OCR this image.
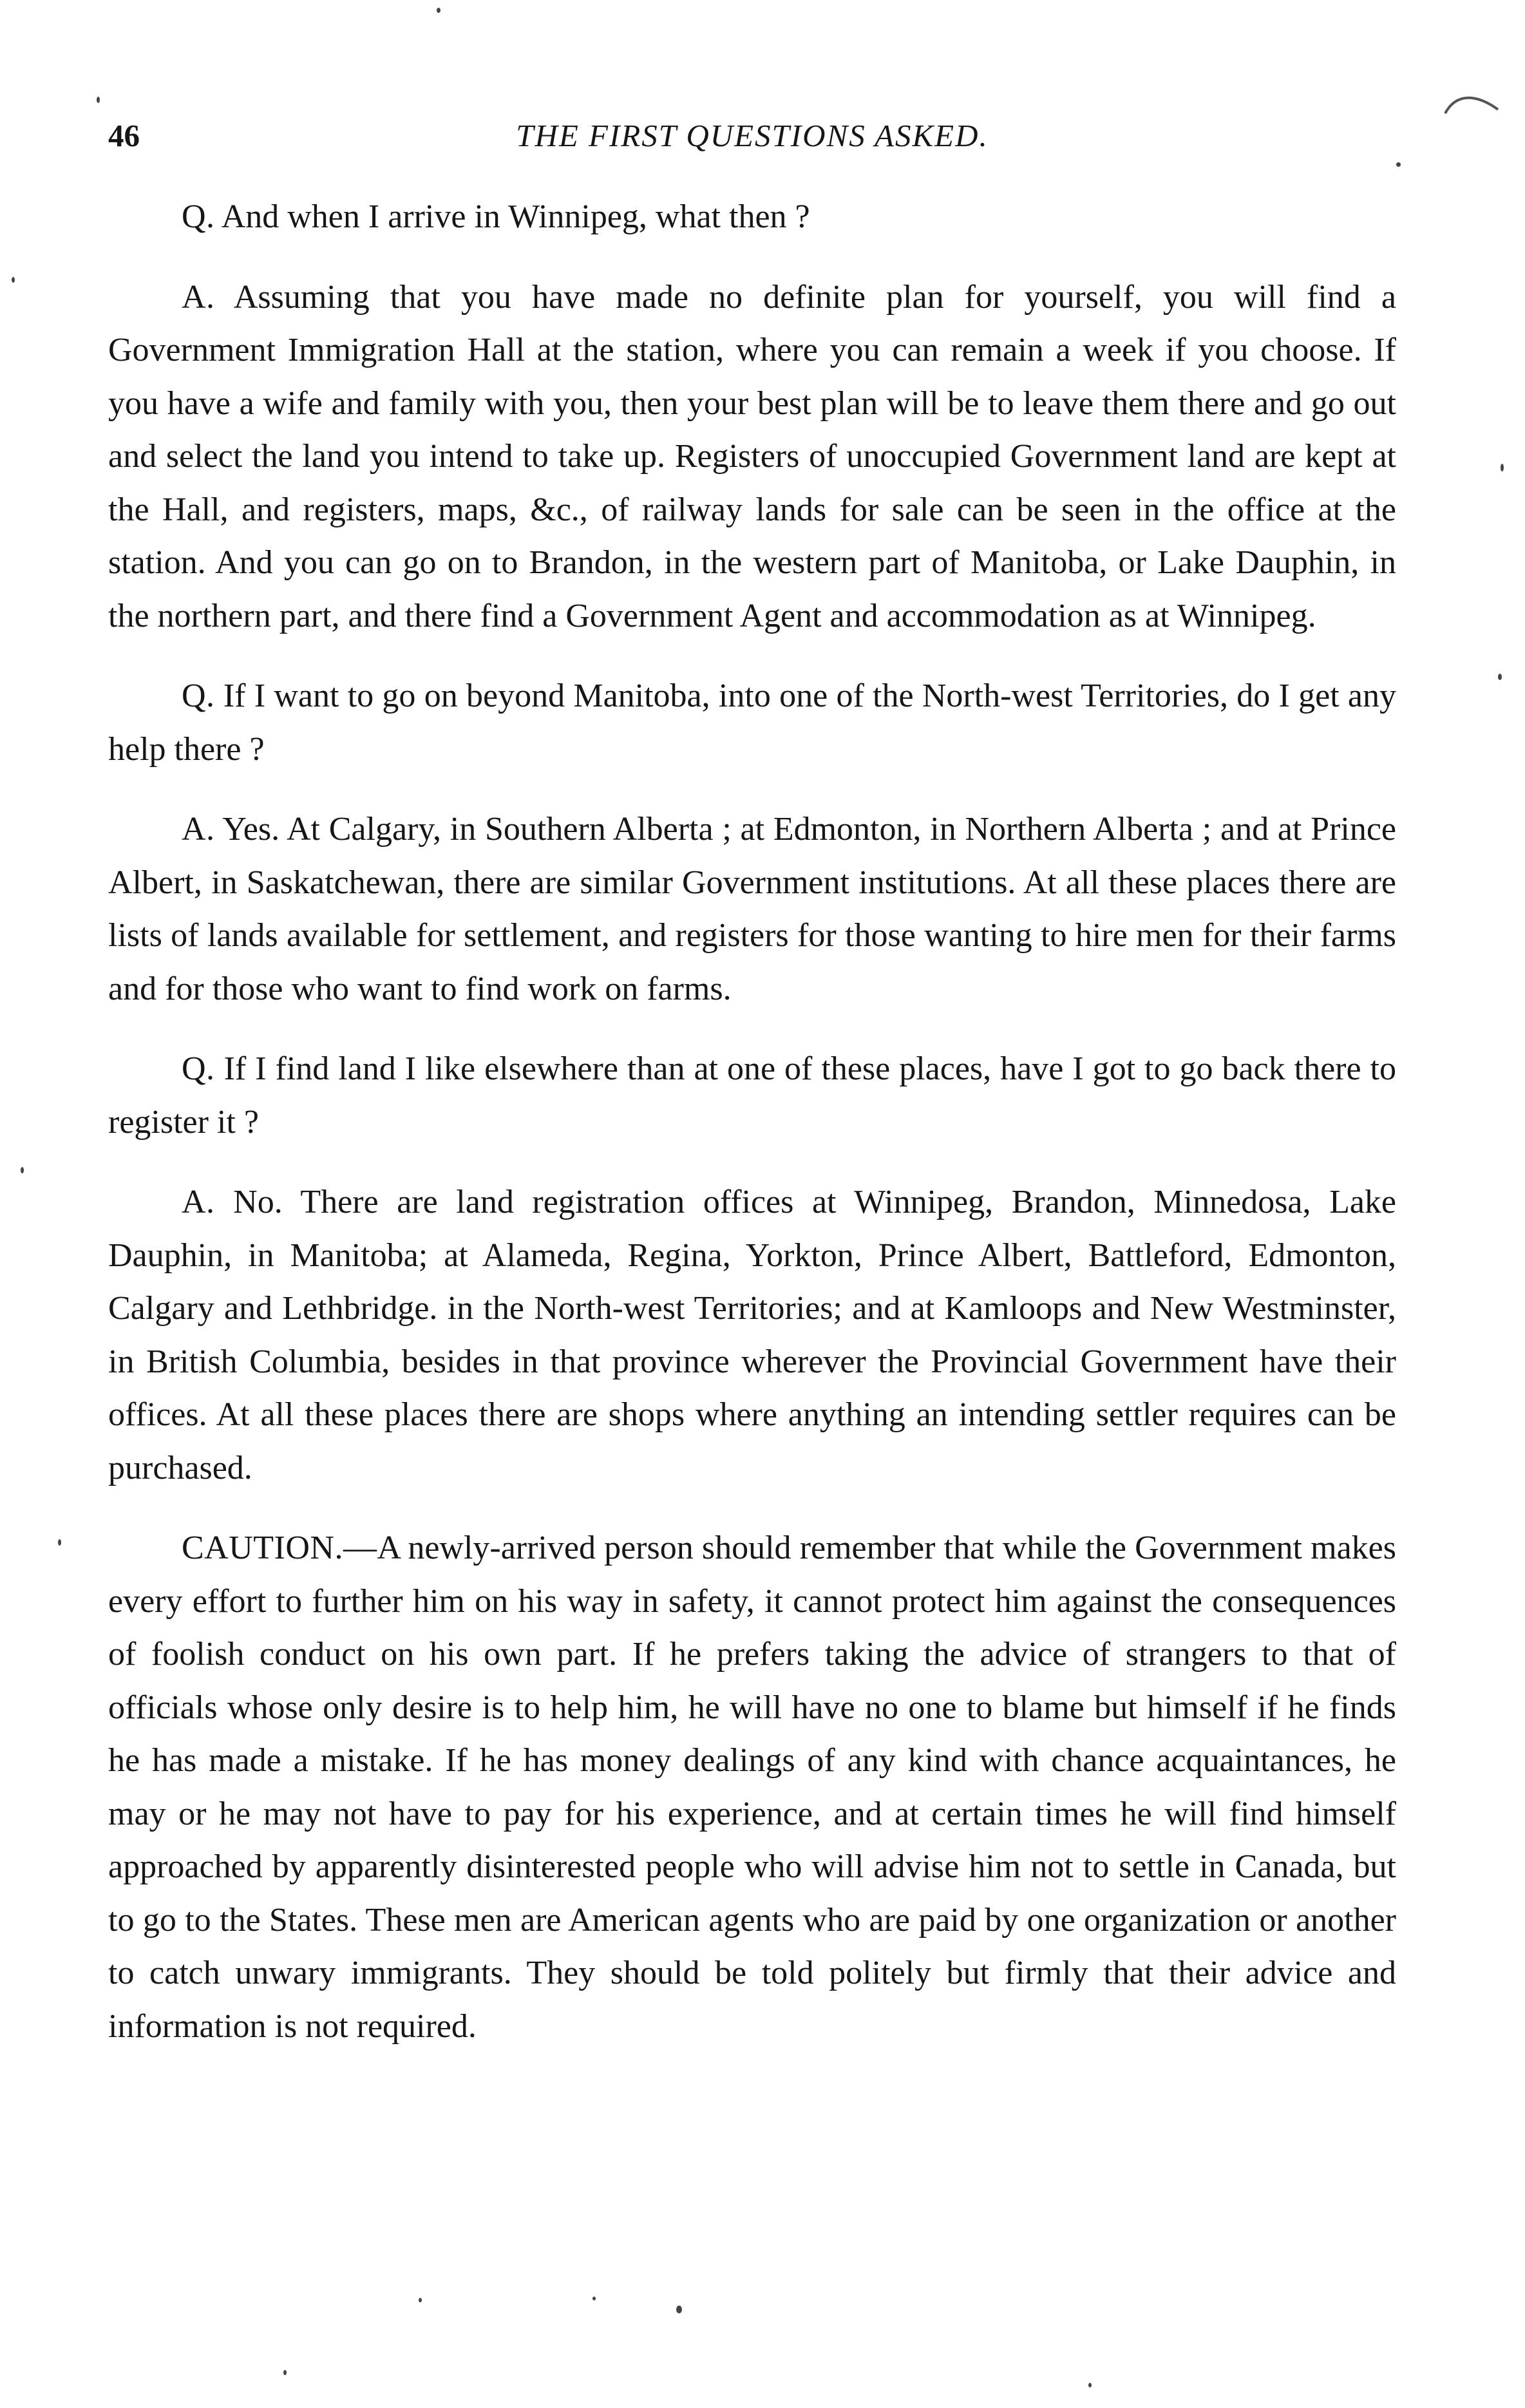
46	THE FIRST QUESTIONS ASKED.

Q. And when I arrive in Winnipeg, what then ?

A. Assuming that you have made no definite plan for yourself, you will find a Government Immigration Hall at the station, where you can remain a week if you choose. If you have a wife and family with you, then your best plan will be to leave them there and go out and select the land you intend to take up. Registers of unoccupied Government land are kept at the Hall, and registers, maps, &c., of railway lands for sale can be seen in the office at the station. And you can go on to Brandon, in the western part of Manitoba, or Lake Dauphin, in the northern part, and there find a Government Agent and accommodation as at Winnipeg.

Q. If I want to go on beyond Manitoba, into one of the North-west Territories, do I get any help there ?

A. Yes. At Calgary, in Southern Alberta ; at Edmonton, in Northern Alberta ; and at Prince Albert, in Saskatchewan, there are similar Government institutions. At all these places there are lists of lands available for settlement, and registers for those wanting to hire men for their farms and for those who want to find work on farms.

Q. If I find land I like elsewhere than at one of these places, have I got to go back there to register it ?

A. No. There are land registration offices at Winnipeg, Brandon, Minnedosa, Lake Dauphin, in Manitoba; at Alameda, Regina, Yorkton, Prince Albert, Battleford, Edmonton, Calgary and Lethbridge. in the North-west Territories; and at Kamloops and New Westminster, in British Columbia, besides in that province wherever the Provincial Government have their offices. At all these places there are shops where anything an intending settler requires can be purchased.

CAUTION.—A newly-arrived person should remember that while the Government makes every effort to further him on his way in safety, it cannot protect him against the consequences of foolish conduct on his own part. If he prefers taking the advice of strangers to that of officials whose only desire is to help him, he will have no one to blame but himself if he finds he has made a mistake. If he has money dealings of any kind with chance acquaintances, he may or he may not have to pay for his experience, and at certain times he will find himself approached by apparently disinterested people who will advise him not to settle in Canada, but to go to the States. These men are American agents who are paid by one organization or another to catch unwary immigrants. They should be told politely but firmly that their advice and information is not required.
